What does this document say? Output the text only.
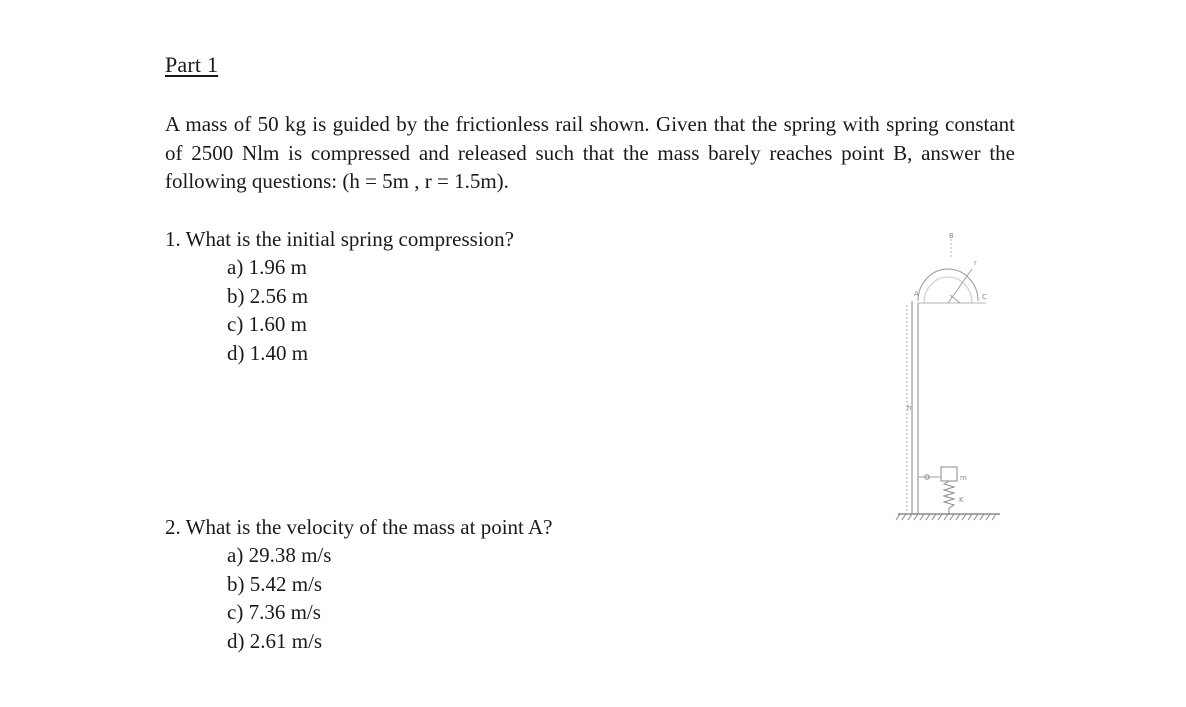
Part 1
A mass of 50 kg is guided by the frictionless rail shown. Given that the spring with spring constant of 2500 Nlm is compressed and released such that the mass barely reaches point B, answer the following questions: (h = 5m , r = 1.5m).
1. What is the initial spring compression?
a) 1.96 m
b) 2.56 m
c) 1.60 m
d) 1.40 m
2. What is the velocity of the mass at point A?
a) 29.38 m/s
b) 5.42 m/s
c) 7.36 m/s
d) 2.61 m/s
B
A	C
r
h
m
K
